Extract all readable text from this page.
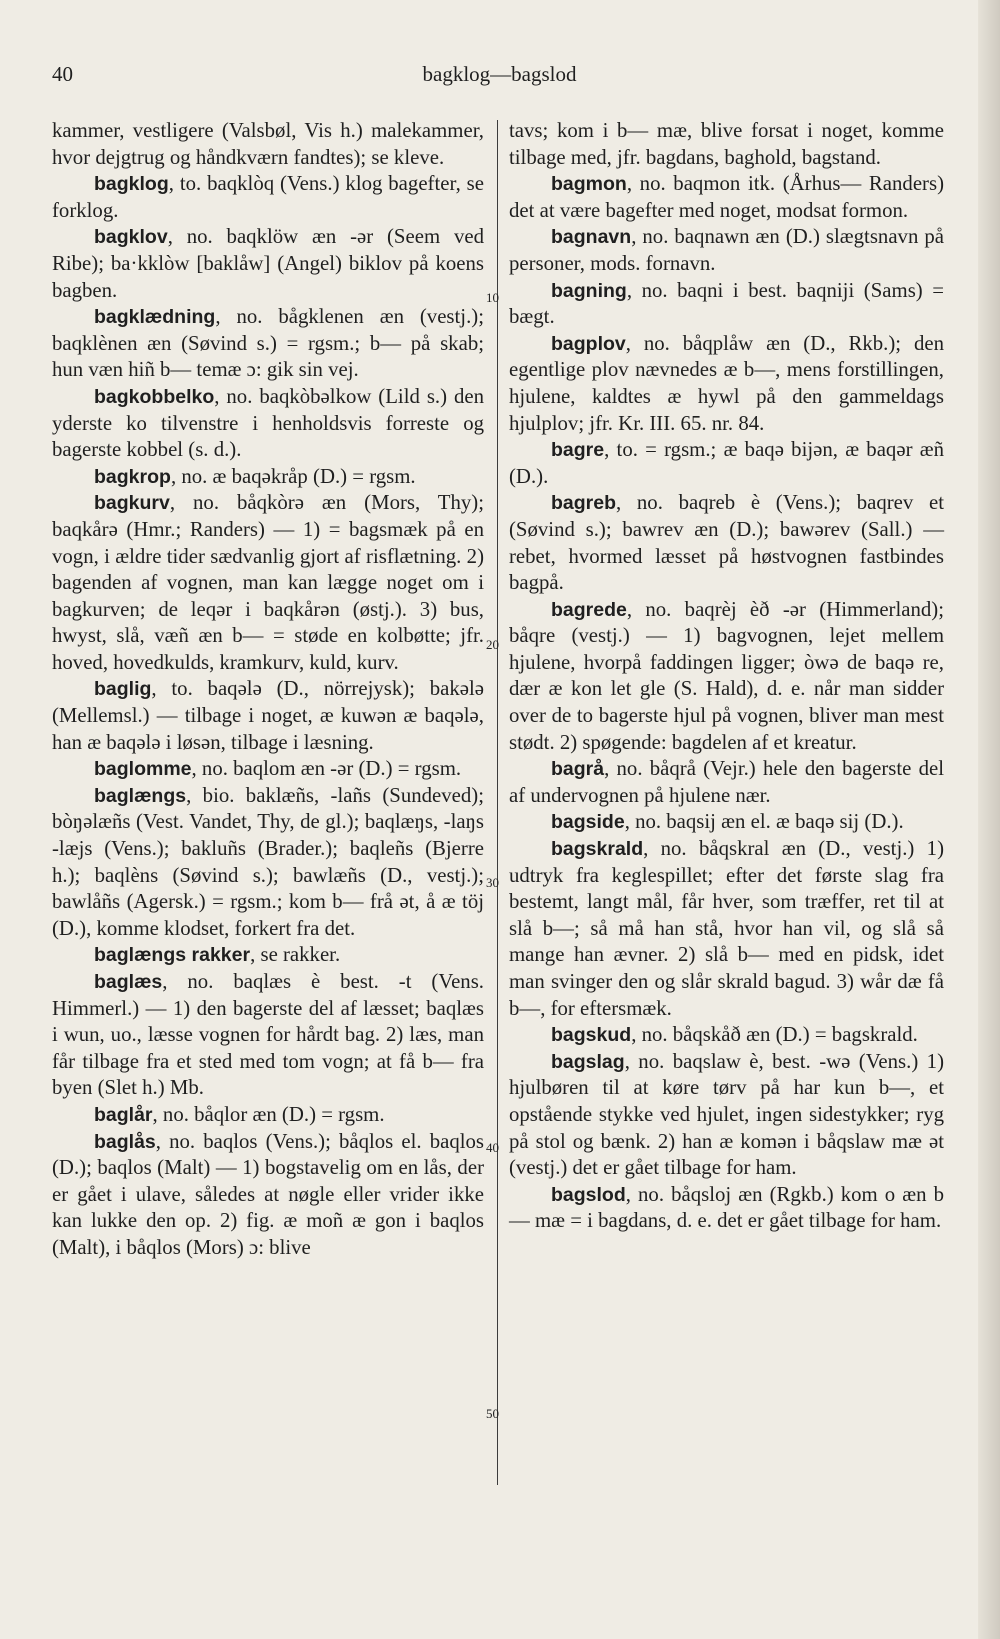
40	bagklog—bagslod
10
20
30
40
50

kammer, vestligere (Valsbøl, Vis h.) malekammer, hvor dejgtrug og håndkværn fandtes); se kleve.

bagklog, to. baqklòq (Vens.) klog bagefter, se forklog.

bagklov, no. baqklöw æn -ər (Seem ved Ribe); ba·kklòw [baklåw] (Angel) biklov på koens bagben.

bagklædning, no. bågklenen æn (vestj.); baqklènen æn (Søvind s.) = rgsm.; b— på skab; hun væn hiñ b— temæ ɔ: gik sin vej.

bagkobbelko, no. baqkòbəlkow (Lild s.) den yderste ko tilvenstre i henholdsvis forreste og bagerste kobbel (s. d.).

bagkrop, no. æ baqəkråp (D.) = rgsm.

bagkurv, no. båqkòrə æn (Mors, Thy); baqkårə (Hmr.; Randers) — 1) = bagsmæk på en vogn, i ældre tider sædvanlig gjort af risflætning. 2) bagenden af vognen, man kan lægge noget om i bagkurven; de leqər i baqkårən (østj.). 3) bus, hwyst, slå, væñ æn b— = støde en kolbøtte; jfr. hoved, hovedkulds, kramkurv, kuld, kurv.

baglig, to. baqələ (D., nörrejysk); bakələ (Mellemsl.) — tilbage i noget, æ kuwən æ baqələ, han æ baqələ i løsən, tilbage i læsning.

baglomme, no. baqlom æn -ər (D.) = rgsm.

baglængs, bio. baklæñs, -lañs (Sundeved); bòŋəlæñs (Vest. Vandet, Thy, de gl.); baqlæŋs, -laŋs -læjs (Vens.); bakluñs (Brader.); baqleñs (Bjerre h.); baqlèns (Søvind s.); bawlæñs (D., vestj.); bawlåñs (Agersk.) = rgsm.; kom b— frå ət, å æ töj (D.), komme klodset, forkert fra det.

baglængs rakker, se rakker.

baglæs, no. baqlæs è best. -t (Vens. Himmerl.) — 1) den bagerste del af læsset; baqlæs i wun, uo., læsse vognen for hårdt bag. 2) læs, man får tilbage fra et sted med tom vogn; at få b— fra byen (Slet h.) Mb.

baglår, no. båqlor æn (D.) = rgsm.

baglås, no. baqlos (Vens.); båqlos el. baqlos (D.); baqlos (Malt) — 1) bogstavelig om en lås, der er gået i ulave, således at nøgle eller vrider ikke kan lukke den op. 2) fig. æ moñ æ gon i baqlos (Malt), i båqlos (Mors) ɔ: blive

tavs; kom i b— mæ, blive forsat i noget, komme tilbage med, jfr. bagdans, baghold, bagstand.

bagmon, no. baqmon itk. (Århus— Randers) det at være bagefter med noget, modsat formon.

bagnavn, no. baqnawn æn (D.) slægtsnavn på personer, mods. fornavn.

bagning, no. baqni i best. baqniji (Sams) = bægt.

bagplov, no. båqplåw æn (D., Rkb.); den egentlige plov nævnedes æ b—, mens forstillingen, hjulene, kaldtes æ hywl på den gammeldags hjulplov; jfr. Kr. III. 65. nr. 84.

bagre, to. = rgsm.; æ baqə bijən, æ baqər æñ (D.).

bagreb, no. baqreb è (Vens.); baqrev et (Søvind s.); bawrev æn (D.); bawərev (Sall.) — rebet, hvormed læsset på høstvognen fastbindes bagpå.

bagrede, no. baqrèj èð -ər (Himmerland); båqre (vestj.) — 1) bagvognen, lejet mellem hjulene, hvorpå faddingen ligger; òwə de baqə re, dær æ kon let gle (S. Hald), d. e. når man sidder over de to bagerste hjul på vognen, bliver man mest stødt. 2) spøgende: bagdelen af et kreatur.

bagrå, no. båqrå (Vejr.) hele den bagerste del af undervognen på hjulene nær.

bagside, no. baqsij æn el. æ baqə sij (D.).

bagskrald, no. båqskral æn (D., vestj.) 1) udtryk fra keglespillet; efter det første slag fra bestemt, langt mål, får hver, som træffer, ret til at slå b—; så må han stå, hvor han vil, og slå så mange han ævner. 2) slå b— med en pidsk, idet man svinger den og slår skrald bagud. 3) wår dæ få b—, for eftersmæk.

bagskud, no. båqskåð æn (D.) = bagskrald.

bagslag, no. baqslaw è, best. -wə (Vens.) 1) hjulbøren til at køre tørv på har kun b—, et opstående stykke ved hjulet, ingen sidestykker; ryg på stol og bænk. 2) han æ komən i båqslaw mæ ət (vestj.) det er gået tilbage for ham.

bagslod, no. båqsloj æn (Rgkb.) kom o æn b— mæ = i bagdans, d. e. det er gået tilbage for ham.
